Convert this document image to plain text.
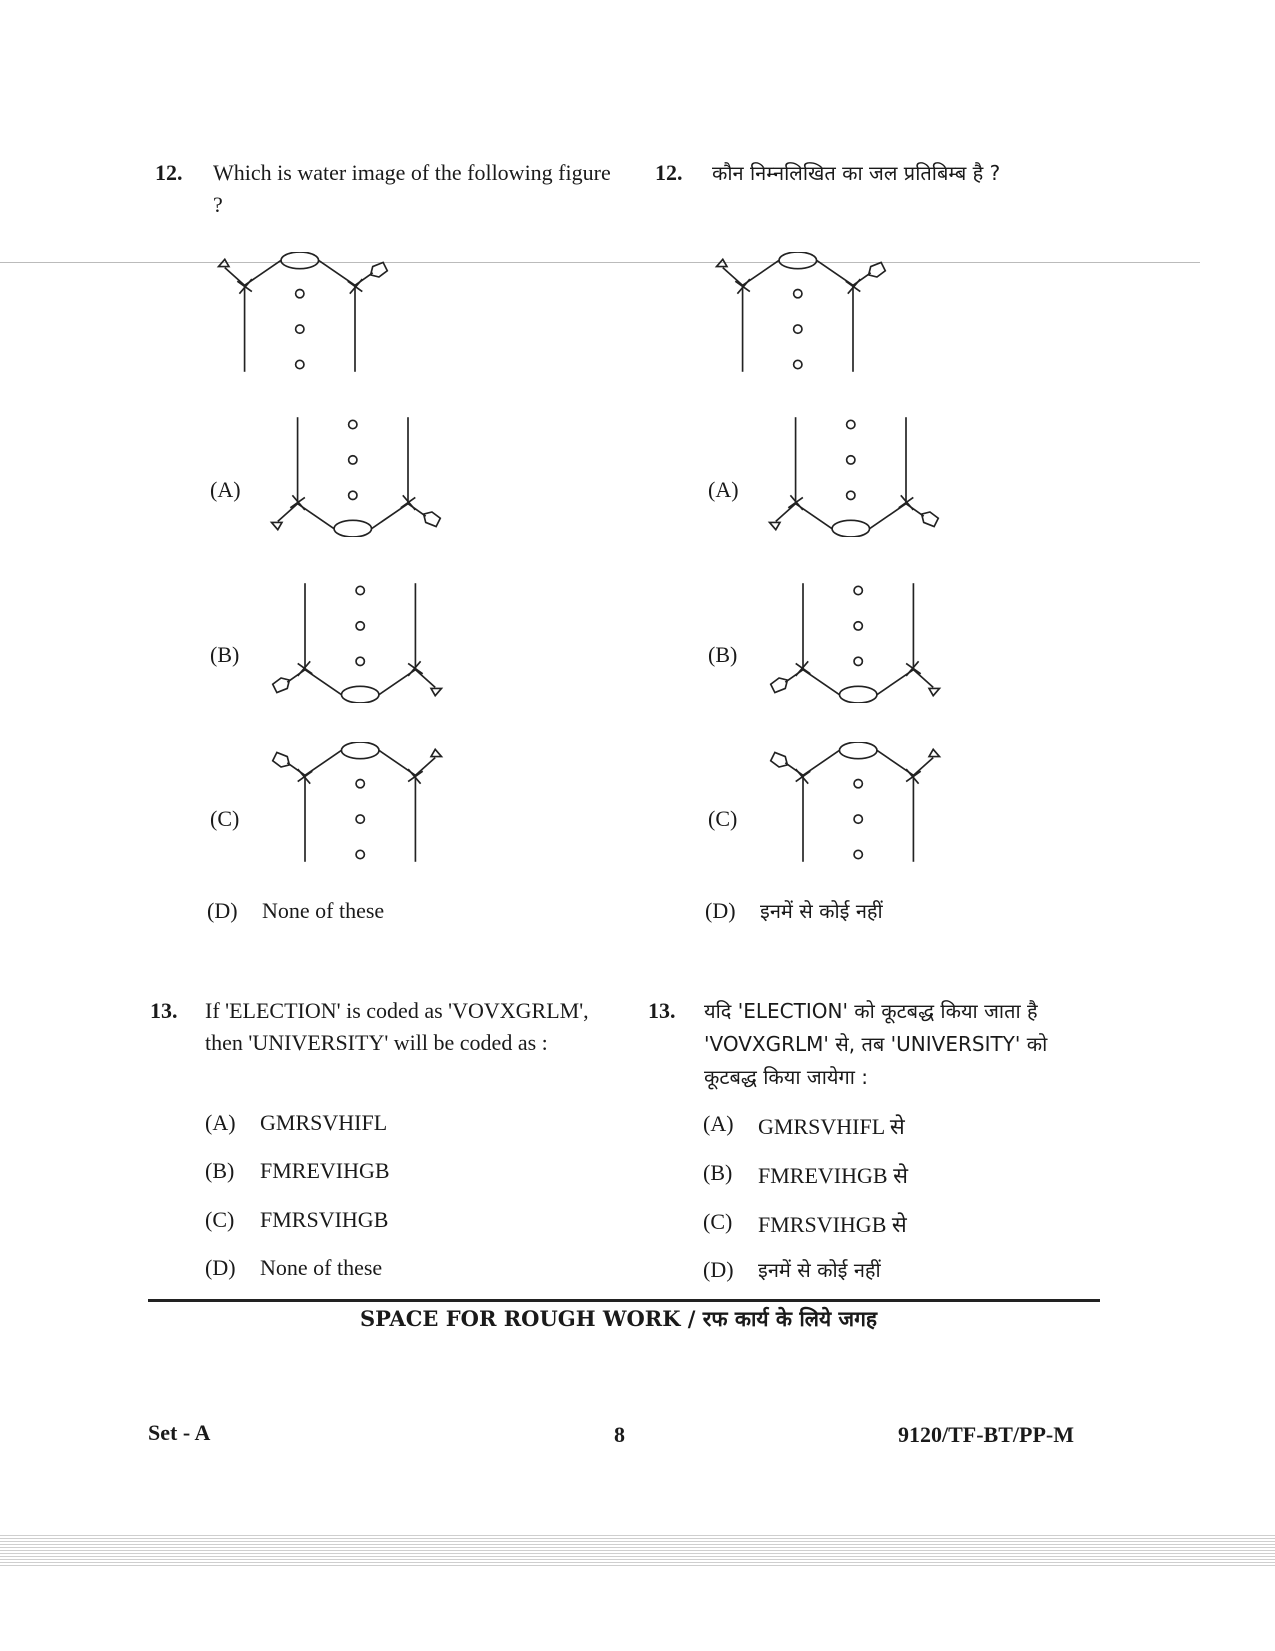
12. Which is water image of the following figure ?
12. कौन निम्नलिखित का जल प्रतिबिम्ब है ?
(A)	(A)
(B)	(B)
(C)	(C)
(D) None of these	(D) इनमें से कोई नहीं
13. If 'ELECTION' is coded as 'VOVXGRLM',
then 'UNIVERSITY' will be coded as :
13. यदि 'ELECTION' को कूटबद्ध किया जाता है
'VOVXGRLM' से, तब 'UNIVERSITY' को
कूटबद्ध किया जायेगा :
(A) GMRSVHIFL
(B) FMREVIHGB
(C) FMRSVIHGB
(D) None of these
(A) GMRSVHIFL से
(B) FMREVIHGB से
(C) FMRSVIHGB से
(D) इनमें से कोई नहीं
SPACE FOR ROUGH WORK / रफ कार्य के लिये जगह
Set - A	8	9120/TF-BT/PP-M
